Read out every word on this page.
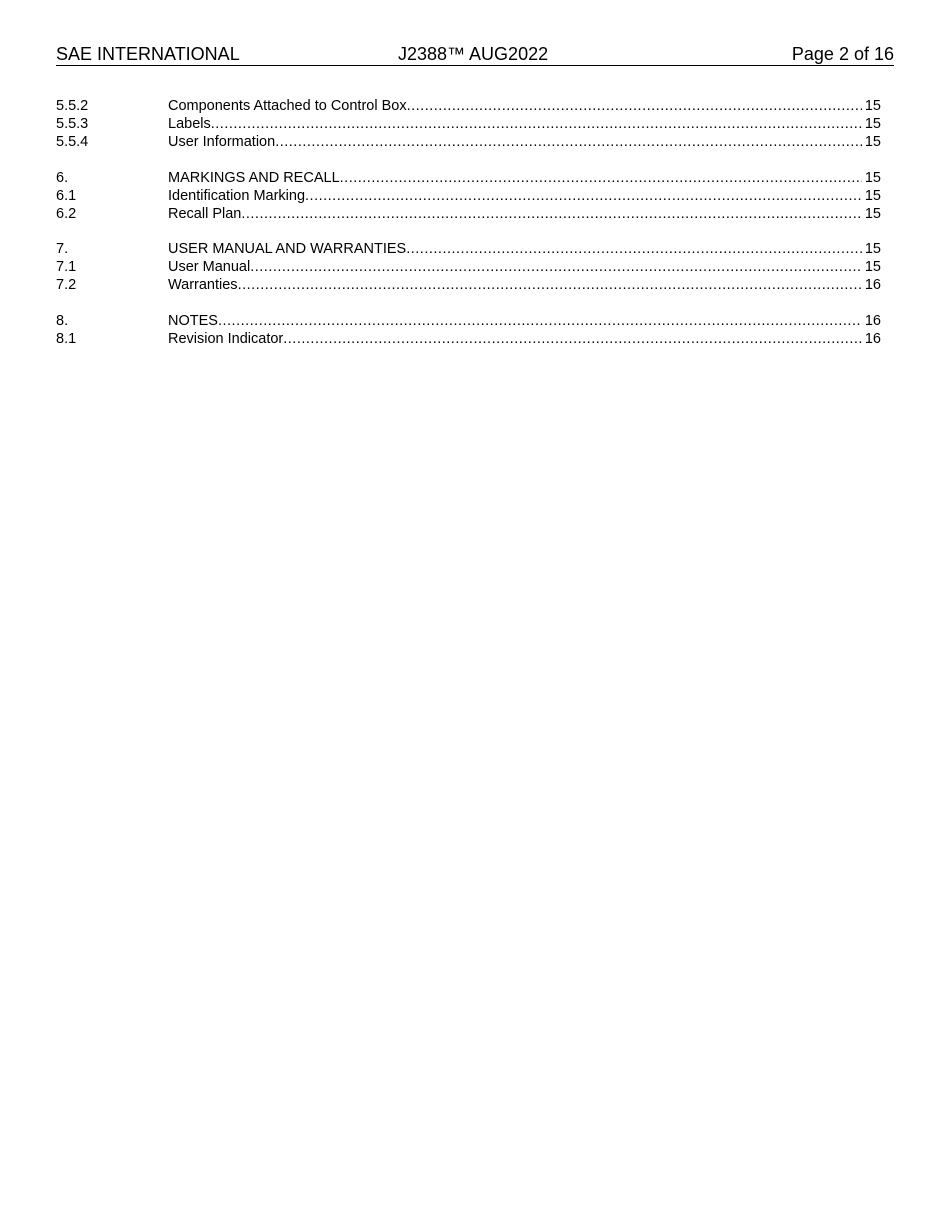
SAE INTERNATIONAL	J2388™ AUG2022	Page 2 of 16
5.5.2	Components Attached to Control Box .....	15
5.5.3	Labels .....	15
5.5.4	User Information .....	15
6.	MARKINGS AND RECALL .....	15
6.1	Identification Marking .....	15
6.2	Recall Plan .....	15
7.	USER MANUAL AND WARRANTIES .....	15
7.1	User Manual .....	15
7.2	Warranties .....	16
8.	NOTES .....	16
8.1	Revision Indicator .....	16
